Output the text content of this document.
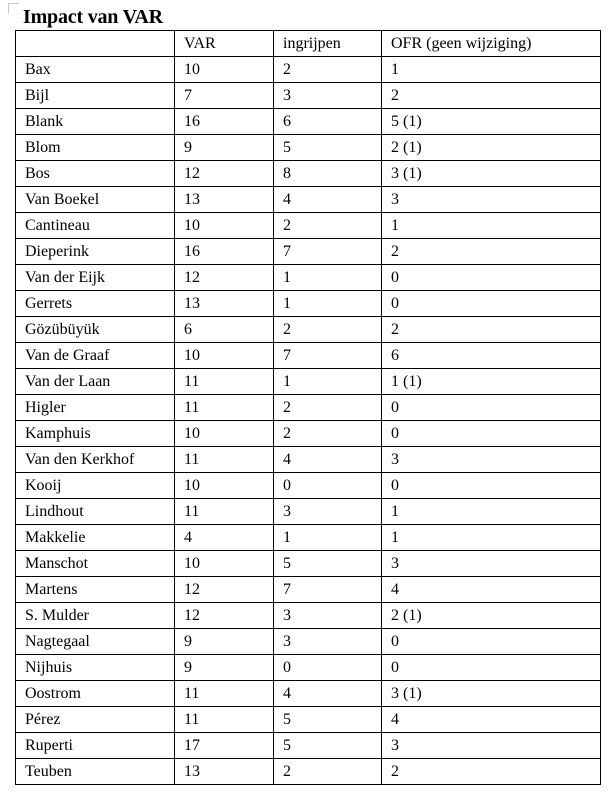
Impact van VAR
	VAR	ingrijpen	OFR (geen wijziging)
Bax	10	2	1
Bijl	7	3	2
Blank	16	6	5 (1)
Blom	9	5	2 (1)
Bos	12	8	3 (1)
Van Boekel	13	4	3
Cantineau	10	2	1
Dieperink	16	7	2
Van der Eijk	12	1	0
Gerrets	13	1	0
Gözübüyük	6	2	2
Van de Graaf	10	7	6
Van der Laan	11	1	1 (1)
Higler	11	2	0
Kamphuis	10	2	0
Van den Kerkhof	11	4	3
Kooij	10	0	0
Lindhout	11	3	1
Makkelie	4	1	1
Manschot	10	5	3
Martens	12	7	4
S. Mulder	12	3	2 (1)
Nagtegaal	9	3	0
Nijhuis	9	0	0
Oostrom	11	4	3 (1)
Pérez	11	5	4
Ruperti	17	5	3
Teuben	13	2	2
